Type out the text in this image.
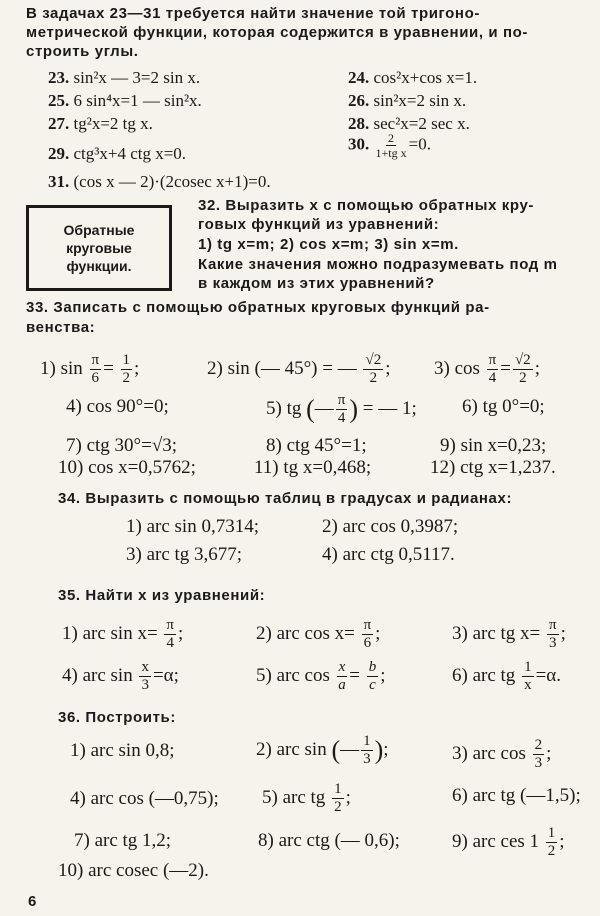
В задачах 23—31 требуется найти значение той тригоно-
метрической функции, которая содержится в уравнении, и по-
строить углы.
23. sin²x — 3=2 sin x.	24. cos²x+cos x=1.
25. 6 sin⁴x=1 — sin²x.	26. sin²x=2 sin x.
27. tg²x=2 tg x.	28. sec²x=2 sec x.
29. ctg³x+4 ctg x=0.
30. $\frac{2}{\text{1+tg x}} =0$.
31. (cos x — 2)·(2cosec x+1)=0.
Обратные
круговые
функции.
32. Выразить x с помощью обратных кру-
говых функций из уравнений:
1) tg x=m; 2) cos x=m; 3) sin x=m.
Какие значения можно подразумевать под m
в каждом из этих уравнений?
33. Записать с помощью обратных круговых функций ра-
венства:
1) $\sin \frac{\pi}{6} = \frac{1}{2}$ ;	2) sin (— 45°) = — $\frac{√2}{2}$ ; 3) $\cos \frac{\pi}{4} = \frac{√2}{2}$ ;
4) cos 90°=0;	5) tg (— $\frac{\pi}{4}$ ) = — 1; 6) tg 0°=0;
7) ctg 30°=√3;	8) ctg 45°=1;	9) sin x=0,23;
10) cos x=0,5762;	11) tg x=0,468;	12) ctg x=1,237.
34. Выразить с помощью таблиц в градусах и радианах:
1) arc sin 0,7314;	2) arc cos 0,3987;
3) arc tg 3,677;	4) arc ctg 0,5117.
35. Найти x из уравнений:
1) arc $\sin x= \frac{\pi}{4}$ ;	2) arc $\cos x= \frac{\pi}{6}$ ;	3) arc tg $x= \frac{\pi}{3}$ ;
4) arc $\sin \frac{x}{3} =\alpha$;	5) arc $\cos \frac{x}{a} = \frac{b}{c}$ ;	6) arc tg $\frac{1}{x} =\alpha$.
36. Построить:
1) arc sin 0,8;	2) arc sin (— $\frac{1}{3}$ );	3) arc $\cos \frac{2}{3}$ ;
4) arc cos (—0,75); 5) arc tg $\frac{1}{2}$ ;	6) arc tg (—1,5);
7) arc tg 1,2;	8) arc ctg (— 0,6);	9) arc ces $1 \frac{1}{2}$ ;
10) arc cosec (—2).
6
